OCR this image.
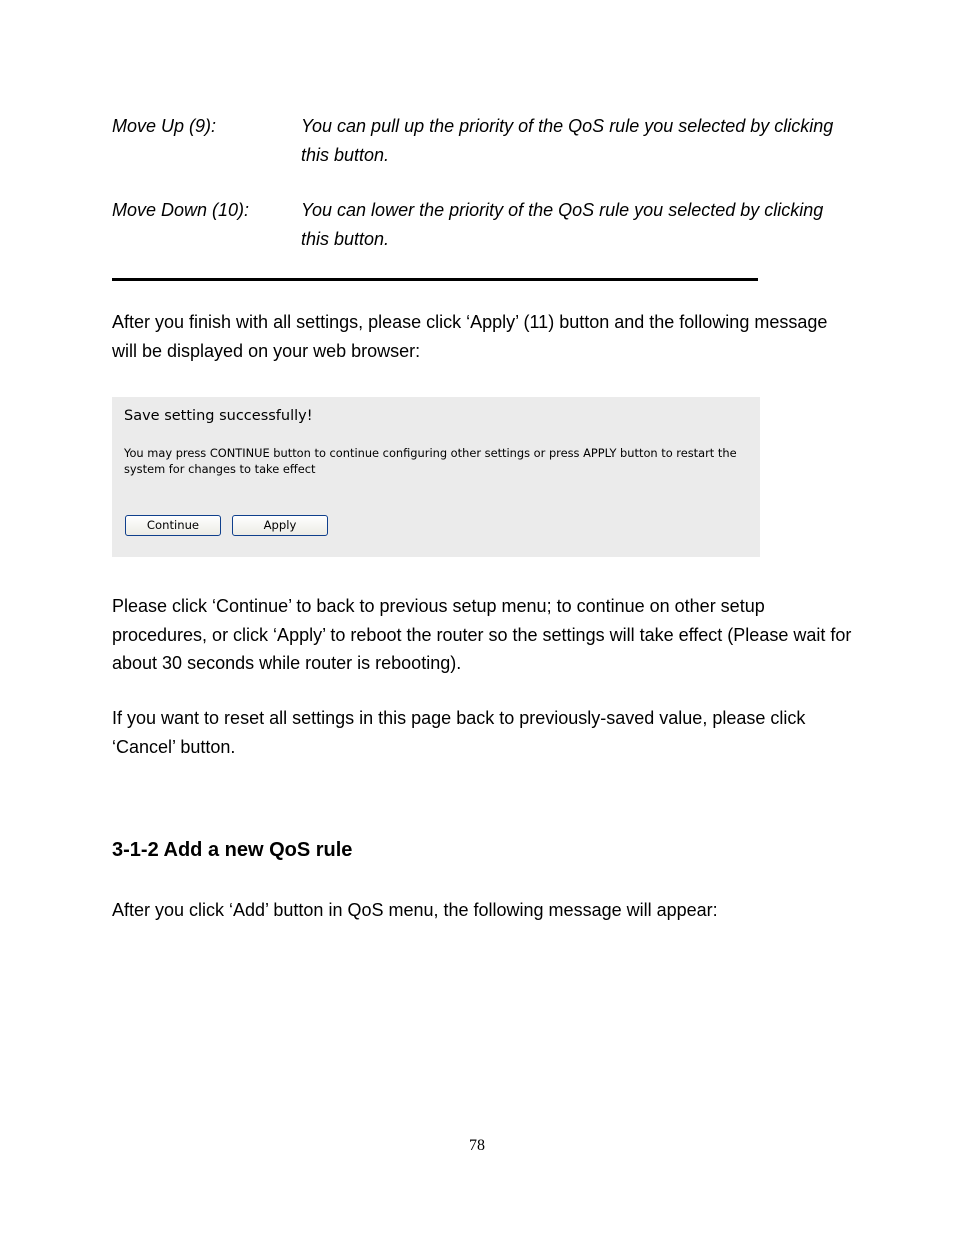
Move Up (9):	You can pull up the priority of the QoS rule you selected by clicking this button.
Move Down (10):	You can lower the priority of the QoS rule you selected by clicking this button.

After you finish with all settings, please click ‘Apply’ (11) button and the following message will be displayed on your web browser:

Save setting successfully!
You may press CONTINUE button to continue configuring other settings or press APPLY button to restart the system for changes to take effect
Continue	Apply

Please click ‘Continue’ to back to previous setup menu; to continue on other setup procedures, or click ‘Apply’ to reboot the router so the settings will take effect (Please wait for about 30 seconds while router is rebooting).

If you want to reset all settings in this page back to previously-saved value, please click ‘Cancel’ button.

3-1-2 Add a new QoS rule

After you click ‘Add’ button in QoS menu, the following message will appear:

78
